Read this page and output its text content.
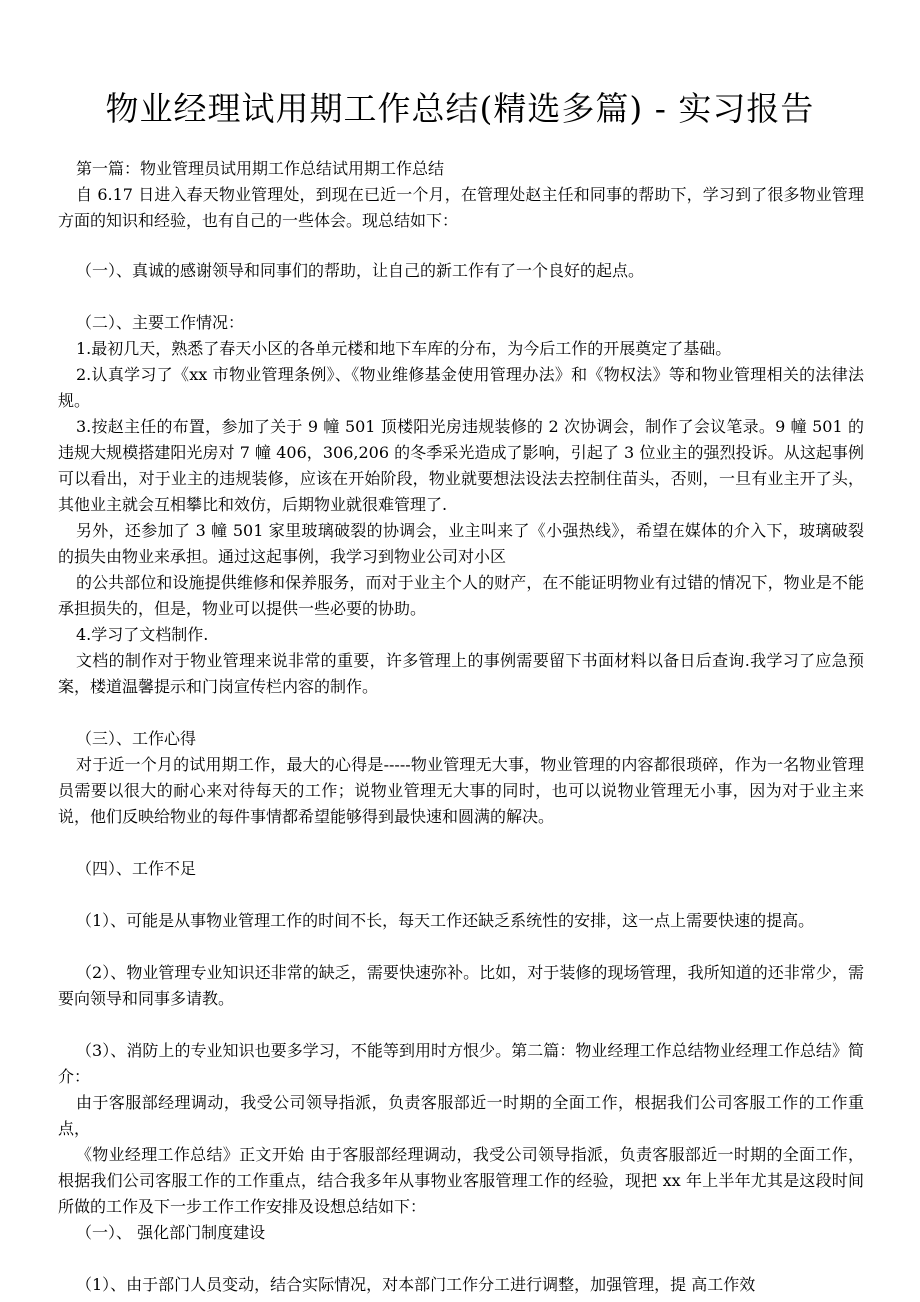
物业经理试用期工作总结(精选多篇) - 实习报告

第一篇：物业管理员试用期工作总结试用期工作总结

自 6.17 日进入春天物业管理处，到现在已近一个月，在管理处赵主任和同事的帮助下，学习到了很多物业管理方面的知识和经验，也有自己的一些体会。现总结如下：

（一）、真诚的感谢领导和同事们的帮助，让自己的新工作有了一个良好的起点。

（二）、主要工作情况：

1.最初几天，熟悉了春天小区的各单元楼和地下车库的分布，为今后工作的开展奠定了基础。

2.认真学习了《xx 市物业管理条例》、《物业维修基金使用管理办法》和《物权法》等和物业管理相关的法律法规。

3.按赵主任的布置，参加了关于 9 幢 501 顶楼阳光房违规装修的 2 次协调会，制作了会议笔录。9 幢 501 的违规大规模搭建阳光房对 7 幢 406，306,206 的冬季采光造成了影响，引起了 3 位业主的强烈投诉。从这起事例可以看出，对于业主的违规装修，应该在开始阶段，物业就要想法设法去控制住苗头，否则，一旦有业主开了头，其他业主就会互相攀比和效仿，后期物业就很难管理了.

另外，还参加了 3 幢 501 家里玻璃破裂的协调会，业主叫来了《小强热线》，希望在媒体的介入下，玻璃破裂的损失由物业来承担。通过这起事例，我学习到物业公司对小区

的公共部位和设施提供维修和保养服务，而对于业主个人的财产，在不能证明物业有过错的情况下，物业是不能承担损失的，但是，物业可以提供一些必要的协助。

4.学习了文档制作.

文档的制作对于物业管理来说非常的重要，许多管理上的事例需要留下书面材料以备日后查询.我学习了应急预案，楼道温馨提示和门岗宣传栏内容的制作。

（三）、工作心得

对于近一个月的试用期工作，最大的心得是-----物业管理无大事，物业管理的内容都很琐碎，作为一名物业管理员需要以很大的耐心来对待每天的工作；说物业管理无大事的同时，也可以说物业管理无小事，因为对于业主来说，他们反映给物业的每件事情都希望能够得到最快速和圆满的解决。

（四）、工作不足

（1）、可能是从事物业管理工作的时间不长，每天工作还缺乏系统性的安排，这一点上需要快速的提高。

（2）、物业管理专业知识还非常的缺乏，需要快速弥补。比如，对于装修的现场管理，我所知道的还非常少，需要向领导和同事多请教。

（3）、消防上的专业知识也要多学习，不能等到用时方恨少。第二篇：物业经理工作总结物业经理工作总结》简介：

由于客服部经理调动，我受公司领导指派，负责客服部近一时期的全面工作，根据我们公司客服工作的工作重点，

《物业经理工作总结》正文开始 由于客服部经理调动，我受公司领导指派，负责客服部近一时期的全面工作，根据我们公司客服工作的工作重点，结合我多年从事物业客服管理工作的经验，现把 xx 年上半年尤其是这段时间所做的工作及下一步工作工作安排及设想总结如下：

（一）、 强化部门制度建设

（1）、由于部门人员变动，结合实际情况，对本部门工作分工进行调整，加强管理，提 高工作效
